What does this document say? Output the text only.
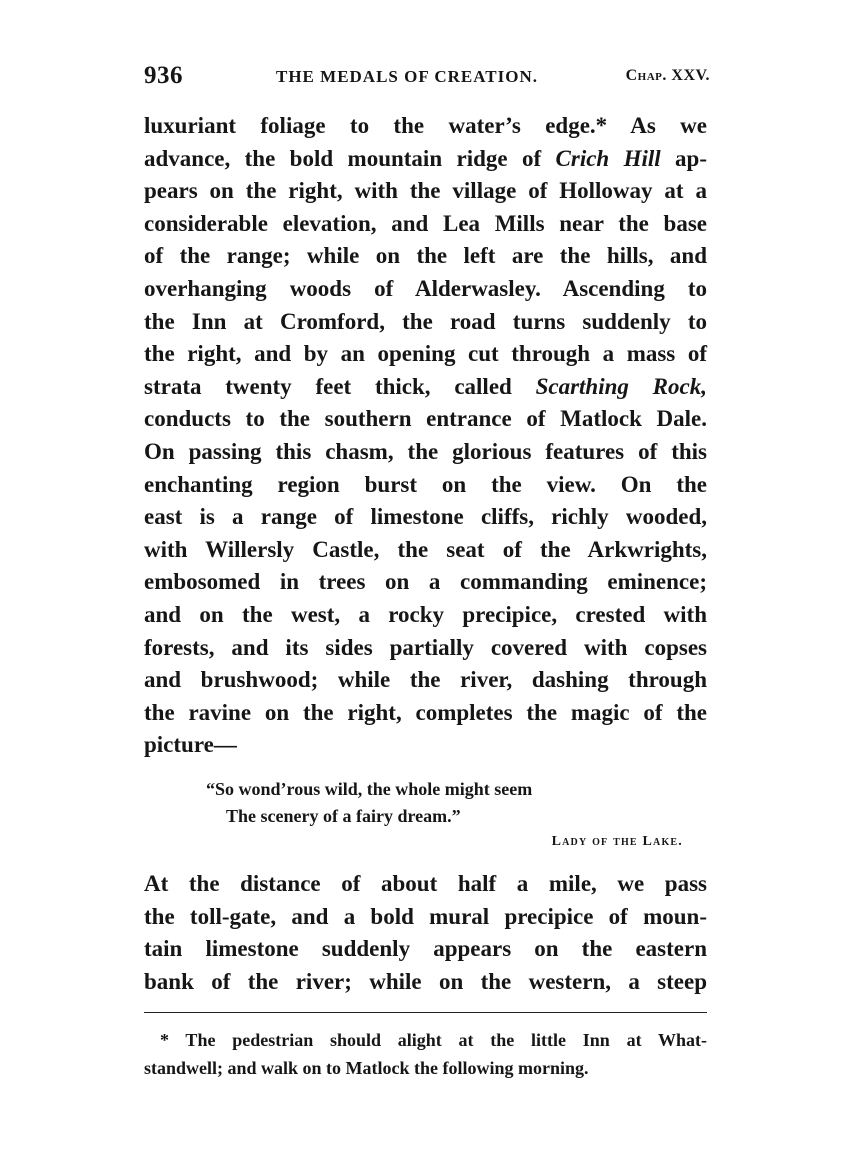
936	THE MEDALS OF CREATION.	Chap. XXV.
luxuriant foliage to the water’s edge.* As we
advance, the bold mountain ridge of Crich Hill ap-
pears on the right, with the village of Holloway at a
considerable elevation, and Lea Mills near the base
of the range; while on the left are the hills, and
overhanging woods of Alderwasley. Ascending to
the Inn at Cromford, the road turns suddenly to
the right, and by an opening cut through a mass of
strata twenty feet thick, called Scarthing Rock,
conducts to the southern entrance of Matlock Dale.
On passing this chasm, the glorious features of this
enchanting region burst on the view. On the
east is a range of limestone cliffs, richly wooded,
with Willersly Castle, the seat of the Arkwrights,
embosomed in trees on a commanding eminence;
and on the west, a rocky precipice, crested with
forests, and its sides partially covered with copses
and brushwood; while the river, dashing through
the ravine on the right, completes the magic of the
picture—
“So wond’rous wild, the whole might seem
The scenery of a fairy dream.”
Lady of the Lake.
At the distance of about half a mile, we pass
the toll-gate, and a bold mural precipice of moun-
tain limestone suddenly appears on the eastern
bank of the river; while on the western, a steep
* The pedestrian should alight at the little Inn at What-
standwell; and walk on to Matlock the following morning.
